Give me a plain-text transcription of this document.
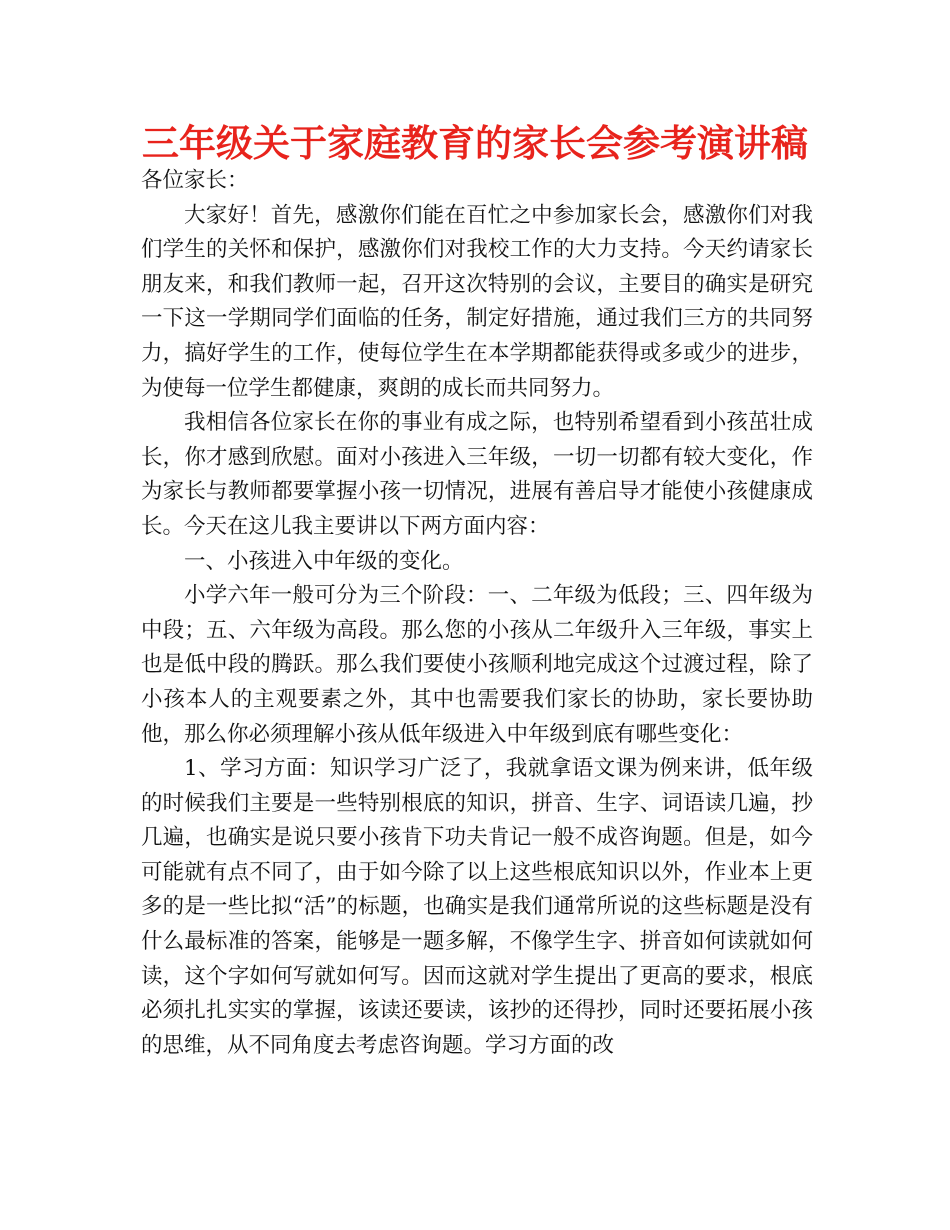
三年级关于家庭教育的家长会参考演讲稿

各位家长：

大家好！首先，感激你们能在百忙之中参加家长会，感激你们对我们学生的关怀和保护，感激你们对我校工作的大力支持。今天约请家长朋友来，和我们教师一起，召开这次特别的会议，主要目的确实是研究一下这一学期同学们面临的任务，制定好措施，通过我们三方的共同努力，搞好学生的工作，使每位学生在本学期都能获得或多或少的进步，为使每一位学生都健康，爽朗的成长而共同努力。

我相信各位家长在你的事业有成之际，也特别希望看到小孩茁壮成长，你才感到欣慰。面对小孩进入三年级，一切一切都有较大变化，作为家长与教师都要掌握小孩一切情况，进展有善启导才能使小孩健康成长。今天在这儿我主要讲以下两方面内容：

一、小孩进入中年级的变化。

小学六年一般可分为三个阶段：一、二年级为低段；三、四年级为中段；五、六年级为高段。那么您的小孩从二年级升入三年级，事实上也是低中段的腾跃。那么我们要使小孩顺利地完成这个过渡过程，除了小孩本人的主观要素之外，其中也需要我们家长的协助，家长要协助他，那么你必须理解小孩从低年级进入中年级到底有哪些变化：

1、学习方面：知识学习广泛了，我就拿语文课为例来讲，低年级的时候我们主要是一些特别根底的知识，拼音、生字、词语读几遍，抄几遍，也确实是说只要小孩肯下功夫肯记一般不成咨询题。但是，如今可能就有点不同了，由于如今除了以上这些根底知识以外，作业本上更多的是一些比拟“活”的标题，也确实是我们通常所说的这些标题是没有什么最标准的答案，能够是一题多解，不像学生字、拼音如何读就如何读，这个字如何写就如何写。因而这就对学生提出了更高的要求，根底必须扎扎实实的掌握，该读还要读，该抄的还得抄，同时还要拓展小孩的思维，从不同角度去考虑咨询题。学习方面的改
